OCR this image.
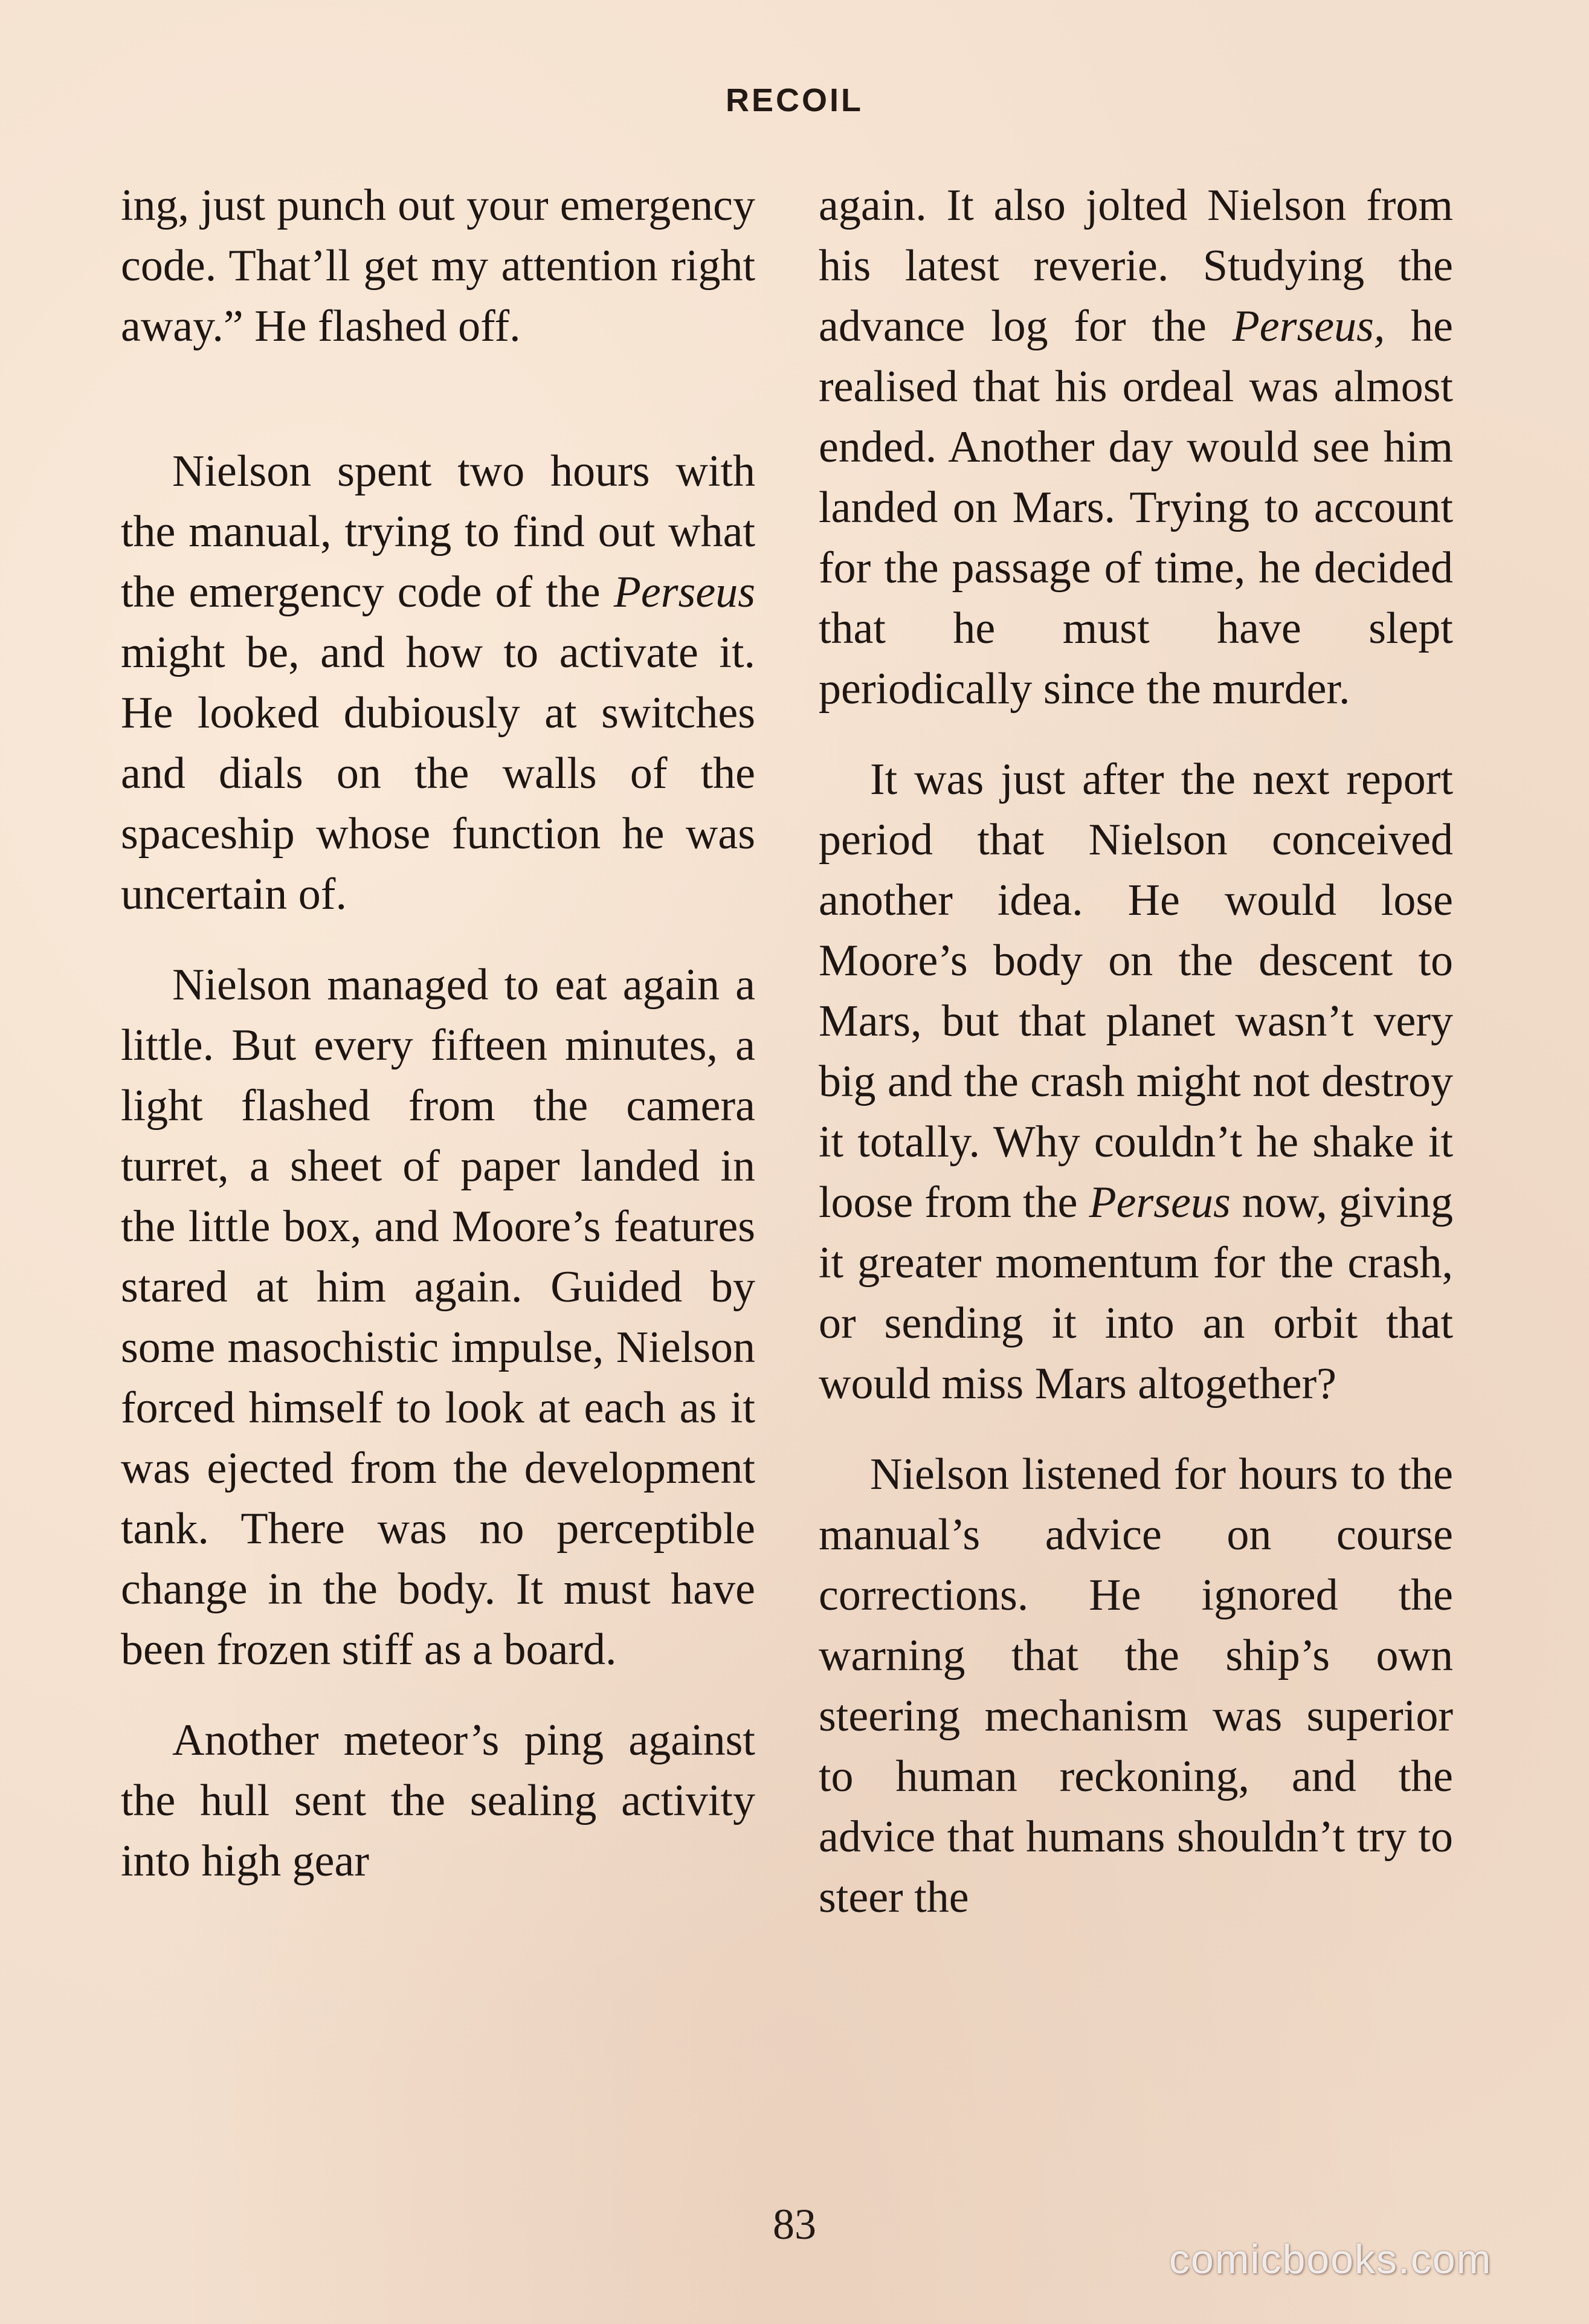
RECOIL

ing, just punch out your emergency code. That’ll get my attention right away.” He flashed off.

Nielson spent two hours with the manual, trying to find out what the emergency code of the Perseus might be, and how to activate it. He looked dubiously at switches and dials on the walls of the spaceship whose function he was uncertain of.

Nielson managed to eat again a little. But every fifteen minutes, a light flashed from the camera turret, a sheet of paper landed in the little box, and Moore’s features stared at him again. Guided by some masochistic impulse, Nielson forced himself to look at each as it was ejected from the development tank. There was no perceptible change in the body. It must have been frozen stiff as a board.

Another meteor’s ping against the hull sent the sealing activity into high gear

again. It also jolted Nielson from his latest reverie. Studying the advance log for the Perseus, he realised that his ordeal was almost ended. Another day would see him landed on Mars. Trying to account for the passage of time, he decided that he must have slept periodically since the murder.

It was just after the next report period that Nielson conceived another idea. He would lose Moore’s body on the descent to Mars, but that planet wasn’t very big and the crash might not destroy it totally. Why couldn’t he shake it loose from the Perseus now, giving it greater momentum for the crash, or sending it into an orbit that would miss Mars altogether?

Nielson listened for hours to the manual’s advice on course corrections. He ignored the warning that the ship’s own steering mechanism was superior to human reckoning, and the advice that humans shouldn’t try to steer the

83
comicbooks.com
